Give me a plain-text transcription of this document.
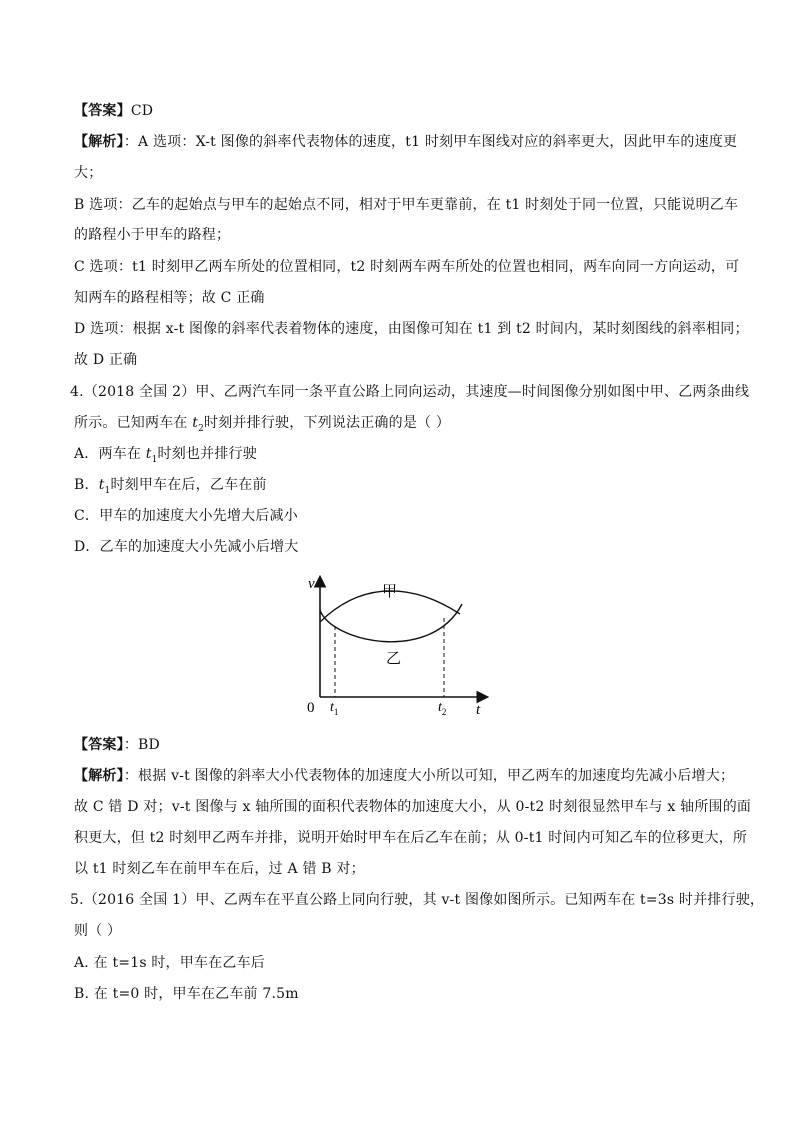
【答案】CD
【解析】：A 选项：X-t 图像的斜率代表物体的速度，t1 时刻甲车图线对应的斜率更大，因此甲车的速度更
大；
B 选项：乙车的起始点与甲车的起始点不同，相对于甲车更靠前，在 t1 时刻处于同一位置，只能说明乙车
的路程小于甲车的路程；
C 选项：t1 时刻甲乙两车所处的位置相同，t2 时刻两车两车所处的位置也相同，两车向同一方向运动，可
知两车的路程相等；故 C 正确
D 选项：根据 x-t 图像的斜率代表着物体的速度，由图像可知在 t1 到 t2 时间内，某时刻图线的斜率相同；
故 D 正确
4.（2018 全国 2）甲、乙两汽车同一条平直公路上同向运动，其速度—时间图像分别如图中甲、乙两条曲线
所示。已知两车在 $t_2$时刻并排行驶，下列说法正确的是（ ）
A．两车在 $t_1$时刻也并排行驶
B．$t_1$时刻甲车在后，乙车在前
C．甲车的加速度大小先增大后减小
D．乙车的加速度大小先减小后增大
v
t
0 $t_1$	$t_2$
甲
乙
【答案】：BD
【解析】：根据 v-t 图像的斜率大小代表物体的加速度大小所以可知，甲乙两车的加速度均先减小后增大；
故 C 错 D 对；v-t 图像与 x 轴所围的面积代表物体的加速度大小，从 0-t2 时刻很显然甲车与 x 轴所围的面
积更大，但 t2 时刻甲乙两车并排，说明开始时甲车在后乙车在前；从 0-t1 时间内可知乙车的位移更大，所
以 t1 时刻乙车在前甲车在后，过 A 错 B 对；
5.（2016 全国 1）甲、乙两车在平直公路上同向行驶，其 v-t 图像如图所示。已知两车在 t=3s 时并排行驶，
则（ ）
A. 在 t=1s 时，甲车在乙车后
B. 在 t=0 时，甲车在乙车前 7.5m
